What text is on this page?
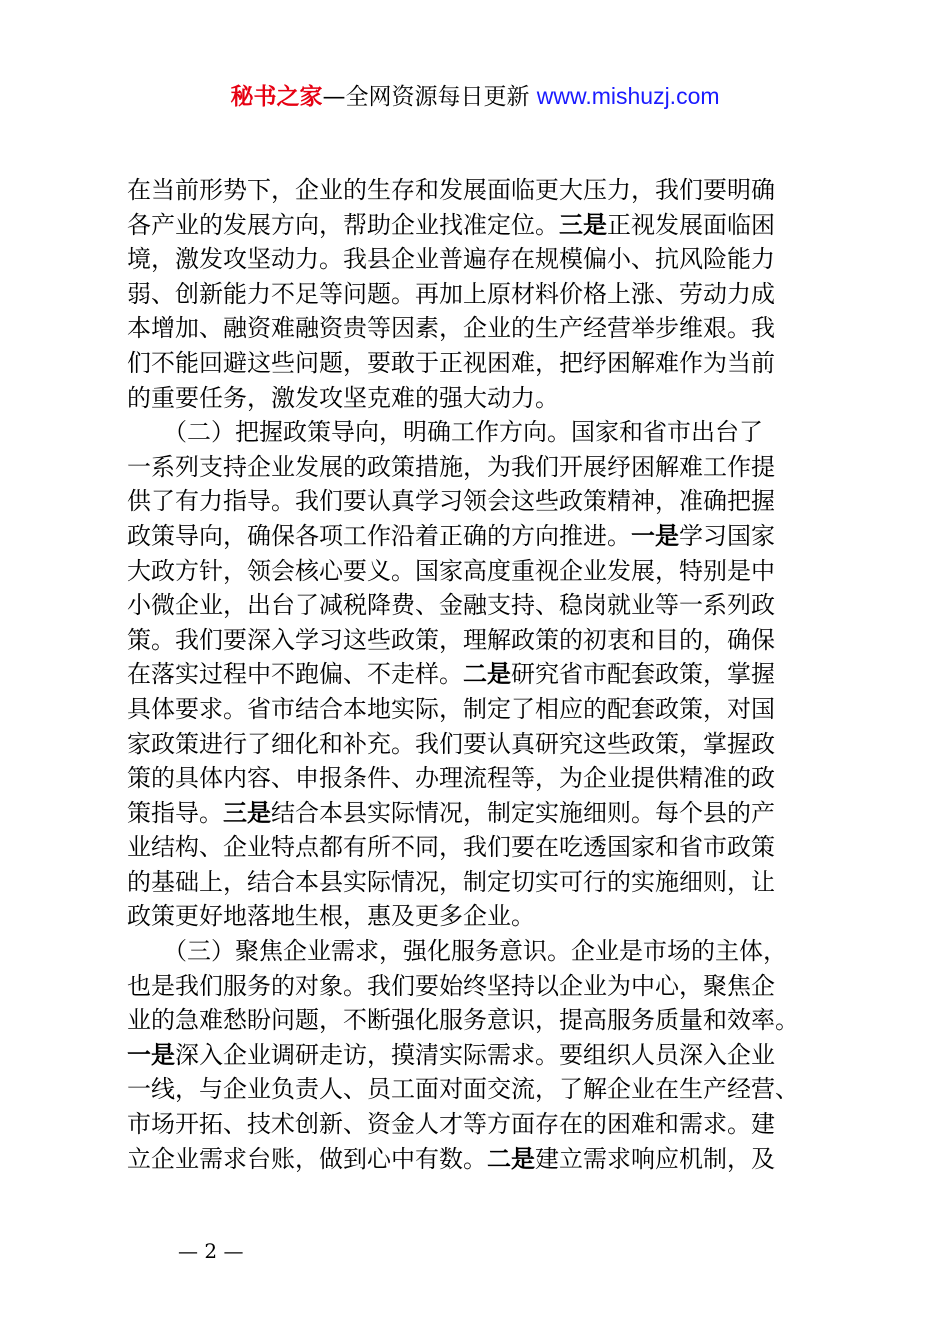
秘书之家—全网资源每日更新 www.mishuzj.com
在当前形势下，企业的生存和发展面临更大压力，我们要明确
各产业的发展方向，帮助企业找准定位。三是正视发展面临困
境，激发攻坚动力。我县企业普遍存在规模偏小、抗风险能力
弱、创新能力不足等问题。再加上原材料价格上涨、劳动力成
本增加、融资难融资贵等因素，企业的生产经营举步维艰。我
们不能回避这些问题，要敢于正视困难，把纾困解难作为当前
的重要任务，激发攻坚克难的强大动力。
　　（二）把握政策导向，明确工作方向。国家和省市出台了
一系列支持企业发展的政策措施，为我们开展纾困解难工作提
供了有力指导。我们要认真学习领会这些政策精神，准确把握
政策导向，确保各项工作沿着正确的方向推进。一是学习国家
大政方针，领会核心要义。国家高度重视企业发展，特别是中
小微企业，出台了减税降费、金融支持、稳岗就业等一系列政
策。我们要深入学习这些政策，理解政策的初衷和目的，确保
在落实过程中不跑偏、不走样。二是研究省市配套政策，掌握
具体要求。省市结合本地实际，制定了相应的配套政策，对国
家政策进行了细化和补充。我们要认真研究这些政策，掌握政
策的具体内容、申报条件、办理流程等，为企业提供精准的政
策指导。三是结合本县实际情况，制定实施细则。每个县的产
业结构、企业特点都有所不同，我们要在吃透国家和省市政策
的基础上，结合本县实际情况，制定切实可行的实施细则，让
政策更好地落地生根，惠及更多企业。
　　（三）聚焦企业需求，强化服务意识。企业是市场的主体，
也是我们服务的对象。我们要始终坚持以企业为中心，聚焦企
业的急难愁盼问题，不断强化服务意识，提高服务质量和效率。
一是深入企业调研走访，摸清实际需求。要组织人员深入企业
一线，与企业负责人、员工面对面交流，了解企业在生产经营、
市场开拓、技术创新、资金人才等方面存在的困难和需求。建
立企业需求台账，做到心中有数。二是建立需求响应机制，及
— 2 —
